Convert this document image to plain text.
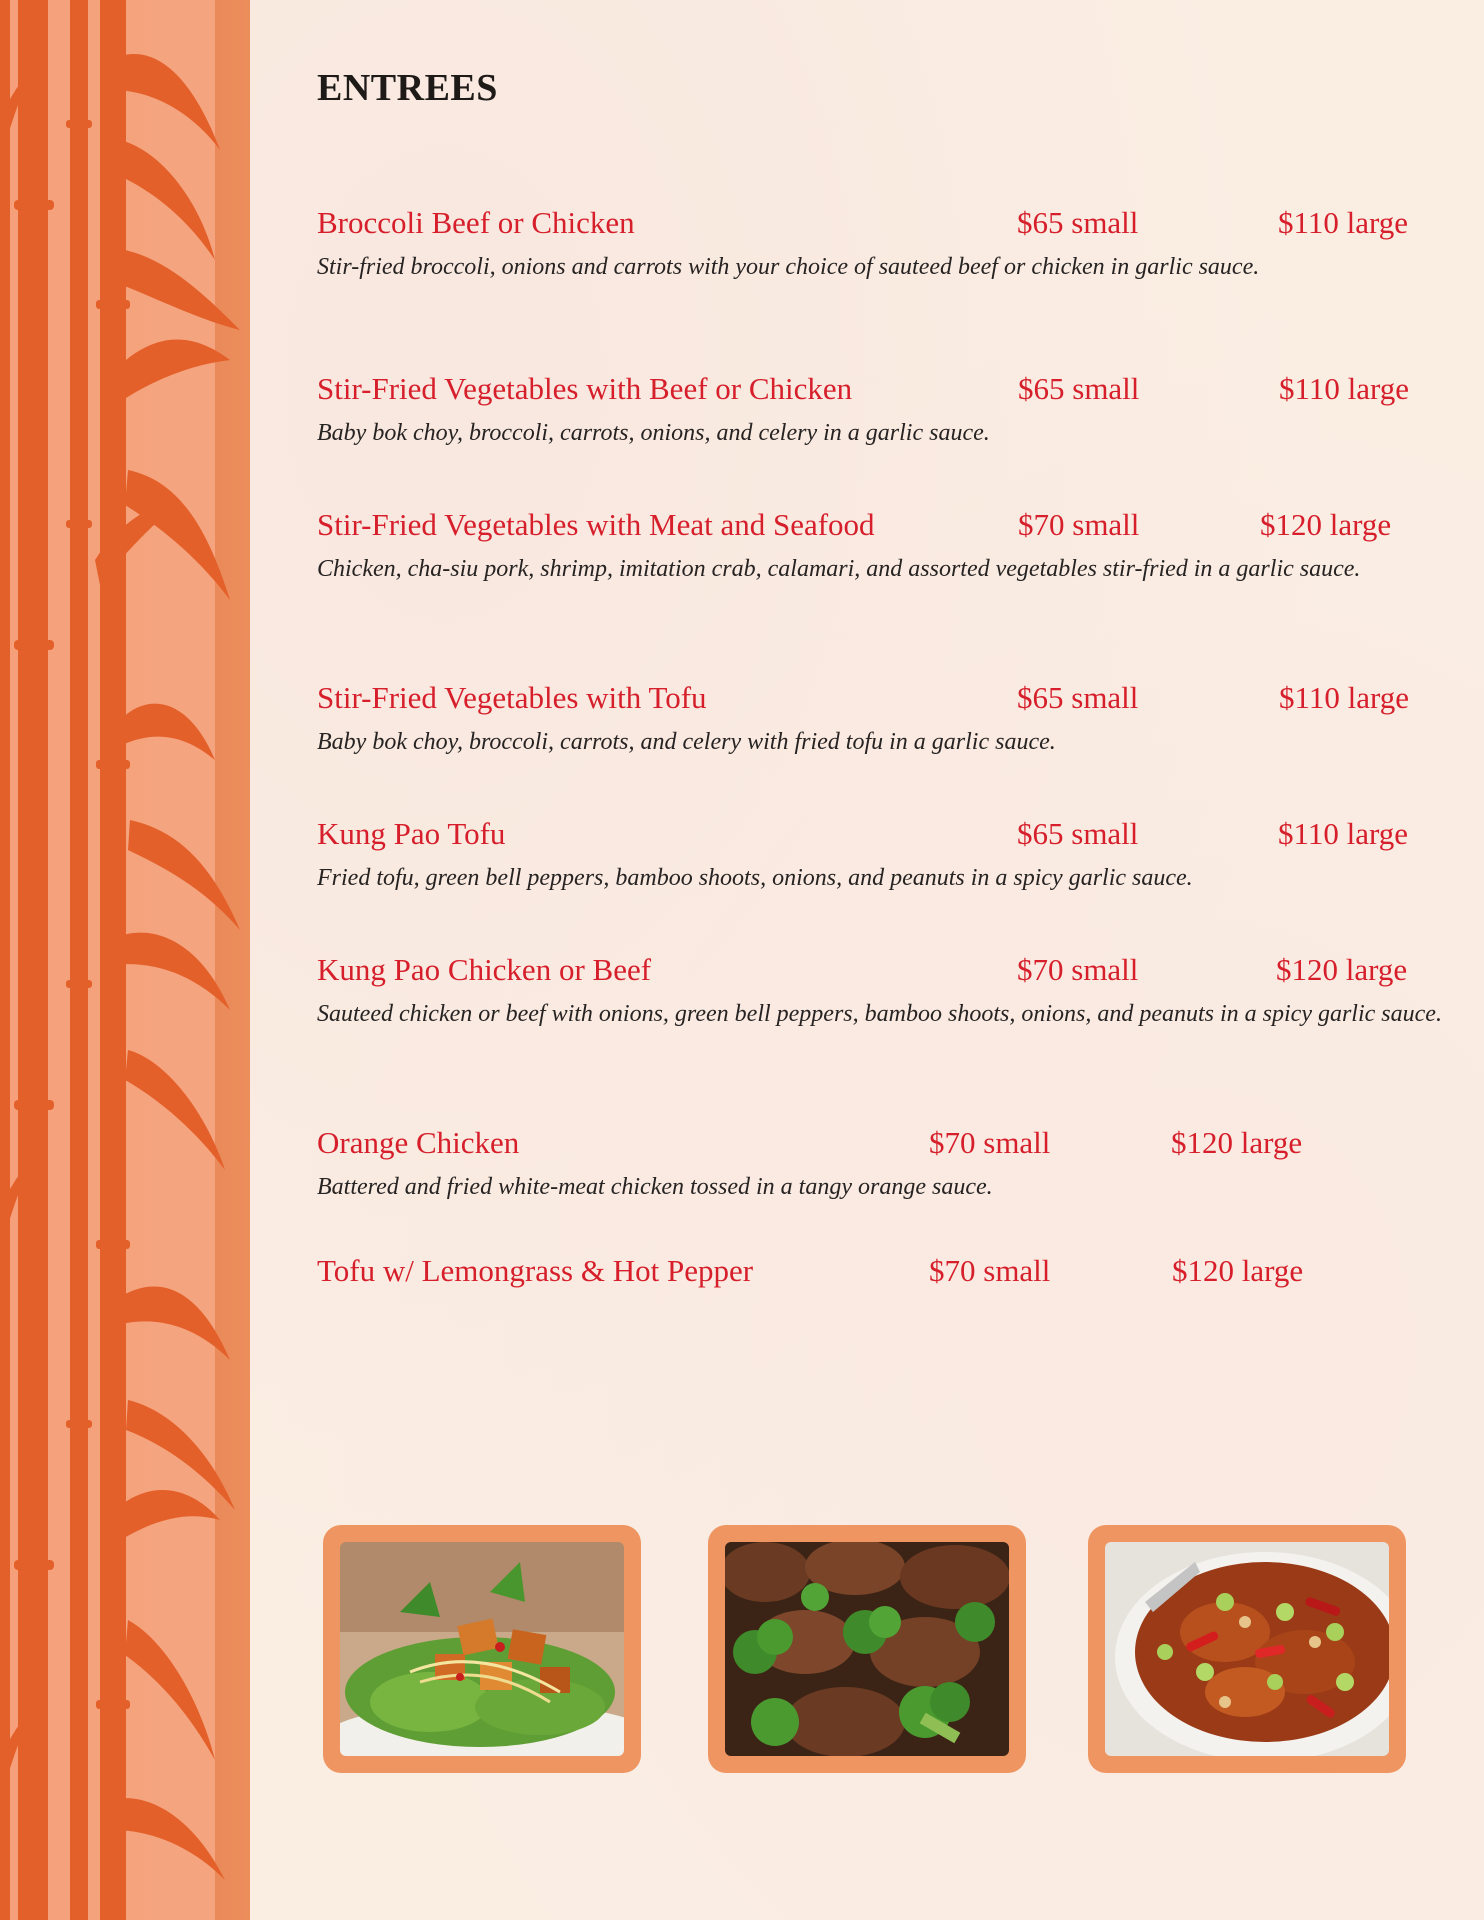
ENTREES
Broccoli Beef or Chicken	$65 small	$110 large

Stir-fried broccoli, onions and carrots with your choice of sauteed beef or chicken in garlic sauce.

Stir-Fried Vegetables with Beef or Chicken	$65 small	$110 large

Baby bok choy, broccoli, carrots, onions, and celery in a garlic sauce.

Stir-Fried Vegetables with Meat and Seafood	$70 small	$120 large

Chicken, cha-siu pork, shrimp, imitation crab, calamari, and assorted vegetables stir-fried in a garlic sauce.

Stir-Fried Vegetables with Tofu	$65 small	$110 large

Baby bok choy, broccoli, carrots, and celery with fried tofu in a garlic sauce.

Kung Pao Tofu	$65 small	$110 large

Fried tofu, green bell peppers, bamboo shoots, onions, and peanuts in a spicy garlic sauce.

Kung Pao Chicken or Beef	$70 small	$120 large

Sauteed chicken or beef with onions, green bell peppers, bamboo shoots, onions, and peanuts in a spicy garlic sauce.

Orange Chicken	$70 small	$120 large

Battered and fried white-meat chicken tossed in a tangy orange sauce.

Tofu w/ Lemongrass & Hot Pepper	$70 small	$120 large
